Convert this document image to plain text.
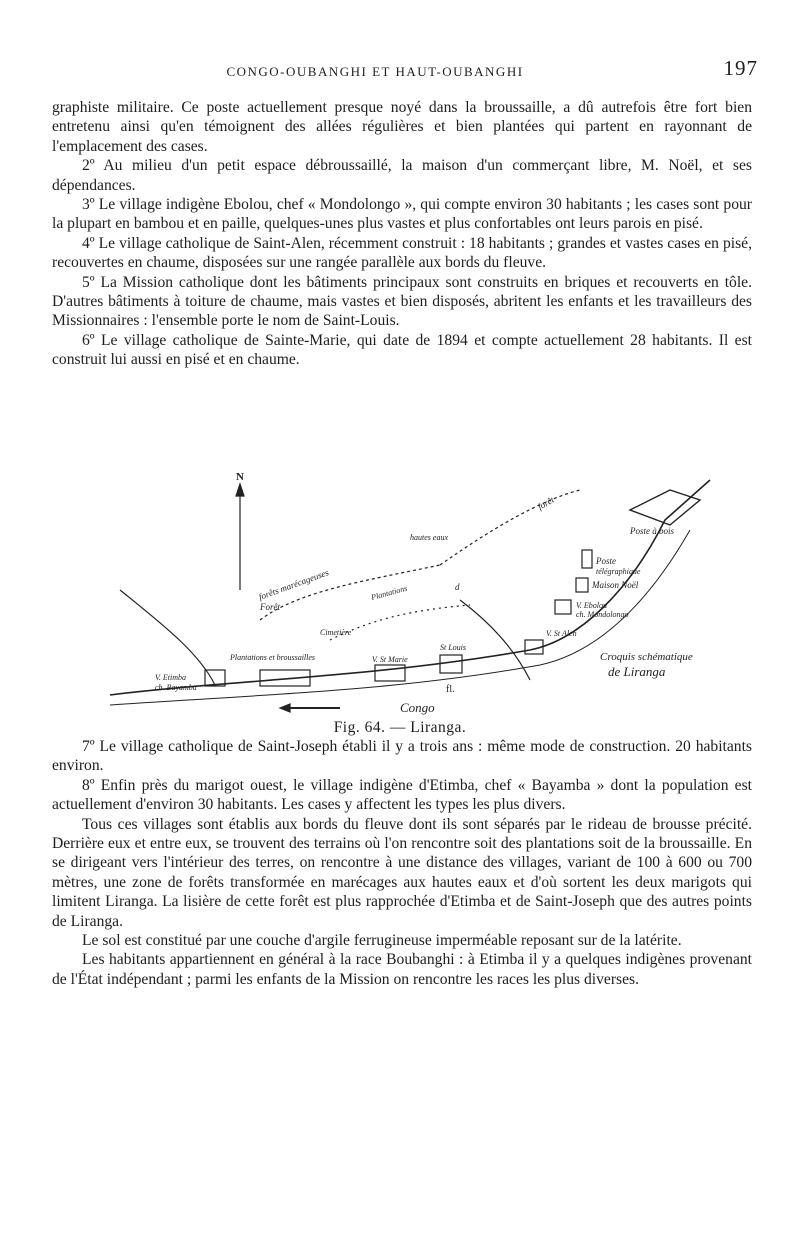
CONGO-OUBANGHI ET HAUT-OUBANGHI	197

graphiste militaire. Ce poste actuellement presque noyé dans la broussaille, a dû autrefois être fort bien entretenu ainsi qu'en témoignent des allées régulières et bien plantées qui partent en rayonnant de l'emplacement des cases.

2º Au milieu d'un petit espace débroussaillé, la maison d'un commerçant libre, M. Noël, et ses dépendances.

3º Le village indigène Ebolou, chef « Mondolongo », qui compte environ 30 habitants ; les cases sont pour la plupart en bambou et en paille, quelques-unes plus vastes et plus confortables ont leurs parois en pisé.

4º Le village catholique de Saint-Alen, récemment construit : 18 habitants ; grandes et vastes cases en pisé, recouvertes en chaume, disposées sur une rangée parallèle aux bords du fleuve.

5º La Mission catholique dont les bâtiments principaux sont construits en briques et recouverts en tôle. D'autres bâtiments à toiture de chaume, mais vastes et bien disposés, abritent les enfants et les travailleurs des Missionnaires : l'ensemble porte le nom de Saint-Louis.

6º Le village catholique de Sainte-Marie, qui date de 1894 et compte actuellement 28 habitants. Il est construit lui aussi en pisé et en chaume.

N
Congo
fl.
Croquis schématique
de Liranga
Poste à bois
Poste
télégraphique
Maison Noël
V. Ebolou
ch. Mondolongo
V. St Alen
Cimetière
V. St Marie
St Louis
Plantations et broussailles
V. Etimba
ch. Bayamba
forêts marécageuses
hautes eaux
Plantations	d
Forêt
forêt
Fig. 64. — Liranga.

7º Le village catholique de Saint-Joseph établi il y a trois ans : même mode de construction. 20 habitants environ.

8º Enfin près du marigot ouest, le village indigène d'Etimba, chef « Bayamba » dont la population est actuellement d'environ 30 habitants. Les cases y affectent les types les plus divers.

Tous ces villages sont établis aux bords du fleuve dont ils sont séparés par le rideau de brousse précité. Derrière eux et entre eux, se trouvent des terrains où l'on rencontre soit des plantations soit de la broussaille. En se dirigeant vers l'intérieur des terres, on rencontre à une distance des villages, variant de 100 à 600 ou 700 mètres, une zone de forêts transformée en marécages aux hautes eaux et d'où sortent les deux marigots qui limitent Liranga. La lisière de cette forêt est plus rapprochée d'Etimba et de Saint-Joseph que des autres points de Liranga.

Le sol est constitué par une couche d'argile ferrugineuse imperméable reposant sur de la latérite.

Les habitants appartiennent en général à la race Boubanghi : à Etimba il y a quelques indigènes provenant de l'État indépendant ; parmi les enfants de la Mission on rencontre les races les plus diverses.
